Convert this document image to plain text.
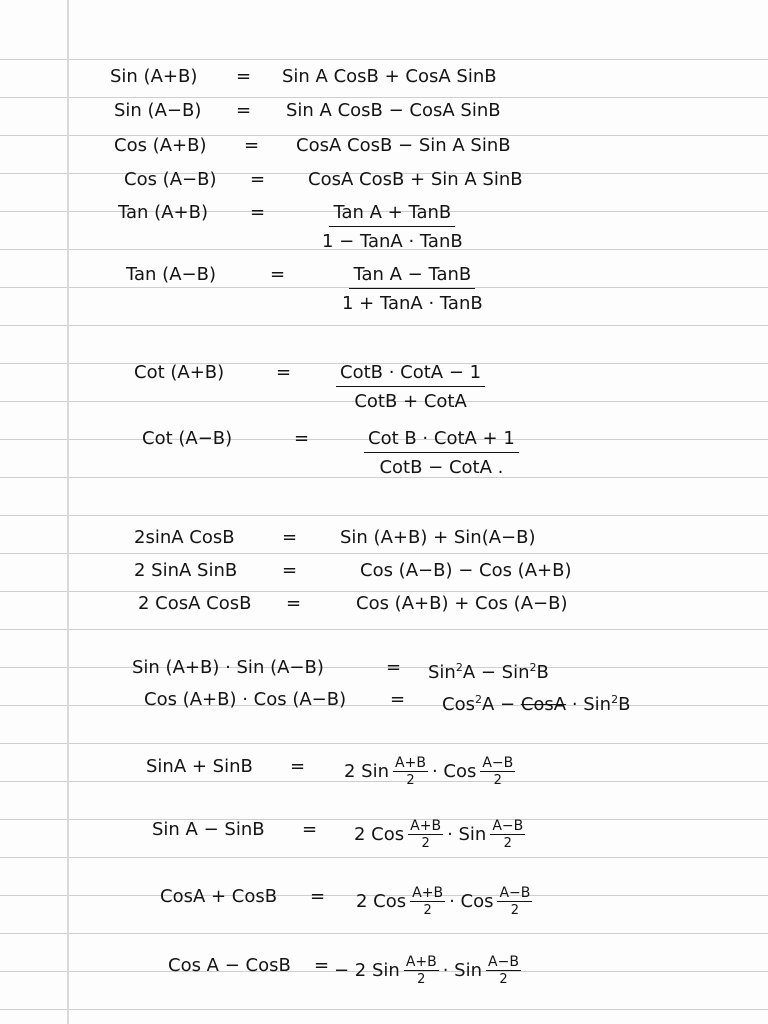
Sin (A+B) = Sin A CosB + CosA SinB
Sin (A−B) = Sin A CosB − CosA SinB
Cos (A+B) = CosA CosB − Sin A SinB
Cos (A−B) = CosA CosB + Sin A SinB
Tan (A+B) =	Tan A + TanB
1 − TanA · TanB
Tan (A−B)	=	Tan A − TanB
1 + TanA · TanB
Cot (A+B)	=	CotB · CotA − 1
CotB + CotA
Cot (A−B)	=	Cot B · CotA + 1
CotB − CotA .
2sinA CosB	= Sin (A+B) + Sin(A−B)
2 SinA SinB =	Cos (A−B) − Cos (A+B)
2 CosA CosB =	Cos (A+B) + Cos (A−B)
Sin (A+B) · Sin (A−B)	= Sin$^2$A − Sin$^2$B
Cos (A+B) · Cos (A−B) = Cos$^2$A − CosA · Sin$^2$B
SinA + SinB = 2 Sin $\frac{A+B}{2}$ · Cos $\frac{A-B}{2}$
Sin A − SinB = 2 Cos $\frac{A+B}{2}$ · Sin $\frac{A-B}{2}$
CosA + CosB = 2 Cos $\frac{A+B}{2}$ · Cos $\frac{A-B}{2}$
Cos A − CosB = − 2 Sin $\frac{A+B}{2}$ · Sin $\frac{A-B}{2}$
